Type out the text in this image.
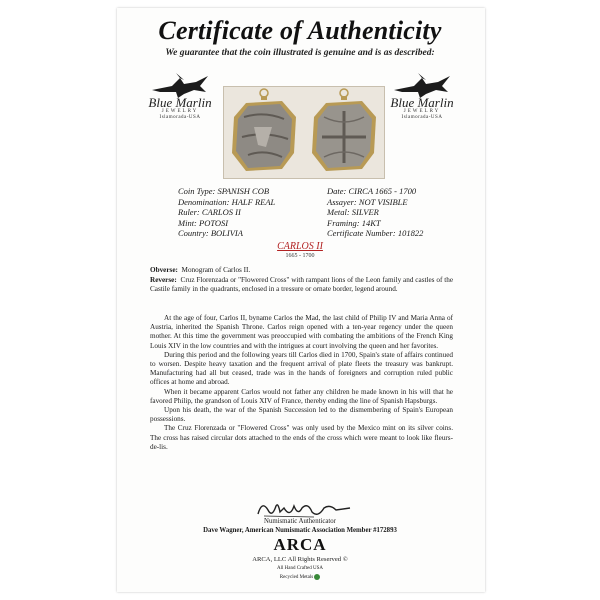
Certificate of Authenticity
We guarantee that the coin illustrated is genuine and is as described:
Blue Marlin
JEWELRY
Islamorada-USA
Blue Marlin
JEWELRY
Islamorada-USA
Coin Type: SPANISH COB
Denomination: HALF REAL
Ruler: CARLOS II
Mint: POTOSI
Country: BOLIVIA
Date: CIRCA 1665 - 1700
Assayer: NOT VISIBLE
Metal: SILVER
Framing: 14KT
Certificate Number: 101822
CARLOS II
1665 - 1700
Obverse: Monogram of Carlos II.
Reverse: Cruz Florenzada or "Flowered Cross" with rampant lions of the Leon family and castles of the Castile family in the quadrants, enclosed in a tressure or ornate border, legend around.

At the age of four, Carlos II, byname Carlos the Mad, the last child of Philip IV and Maria Anna of Austria, inherited the Spanish Throne. Carlos reign opened with a ten-year regency under the queen mother. At this time the government was preoccupied with combating the ambitions of the French King Louis XIV in the low countries and with the intrigues at court involving the queen and her favorites.

During this period and the following years till Carlos died in 1700, Spain's state of affairs continued to worsen. Despite heavy taxation and the frequent arrival of plate fleets the treasury was bankrupt. Manufacturing had all but ceased, trade was in the hands of foreigners and corruption ruled public offices at home and abroad.

When it became apparent Carlos would not father any children he made known in his will that he favored Philip, the grandson of Louis XIV of France, thereby ending the line of Spanish Hapsburgs.

Upon his death, the war of the Spanish Succession led to the dismembering of Spain's European possessions.

The Cruz Florenzada or "Flowered Cross" was only used by the Mexico mint on its silver coins. The cross has raised circular dots attached to the ends of the cross which were meant to look like fleurs-de-lis.

Numismatic Authenticator
Dave Wagner, American Numismatic Association Member #172893
ARCA
ARCA, LLC All Rights Reserved ©
All Hand Crafted USA
Recycled Metals
